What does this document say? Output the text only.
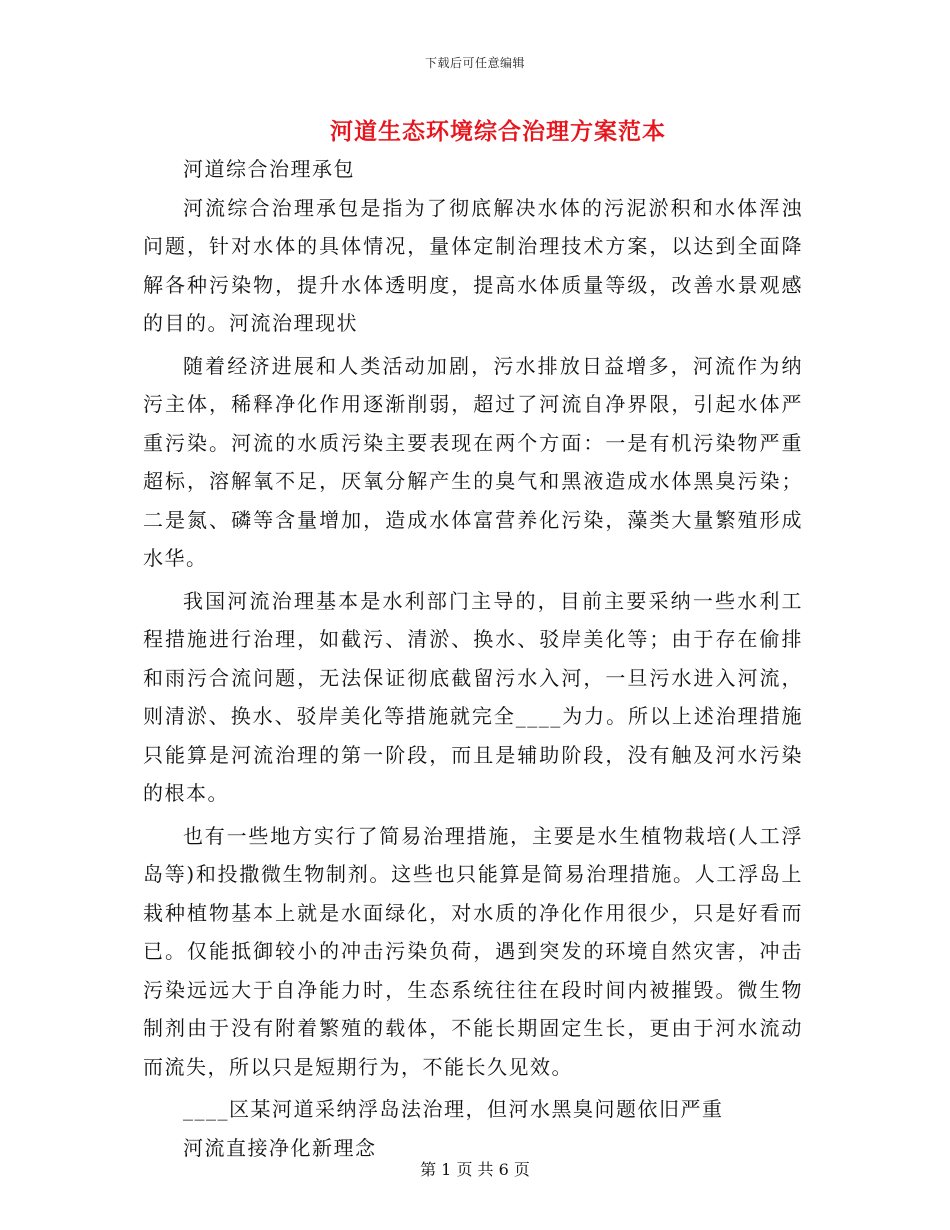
下载后可任意编辑
河道生态环境综合治理方案范本

河道综合治理承包

河流综合治理承包是指为了彻底解决水体的污泥淤积和水体浑浊问题，针对水体的具体情况，量体定制治理技术方案，以达到全面降解各种污染物，提升水体透明度，提高水体质量等级，改善水景观感的目的。河流治理现状

随着经济进展和人类活动加剧，污水排放日益增多，河流作为纳污主体，稀释净化作用逐渐削弱，超过了河流自净界限，引起水体严重污染。河流的水质污染主要表现在两个方面：一是有机污染物严重超标，溶解氧不足，厌氧分解产生的臭气和黑液造成水体黑臭污染；二是氮、磷等含量增加，造成水体富营养化污染，藻类大量繁殖形成水华。

我国河流治理基本是水利部门主导的，目前主要采纳一些水利工程措施进行治理，如截污、清淤、换水、驳岸美化等；由于存在偷排和雨污合流问题，无法保证彻底截留污水入河，一旦污水进入河流，则清淤、换水、驳岸美化等措施就完全____为力。所以上述治理措施只能算是河流治理的第一阶段，而且是辅助阶段，没有触及河水污染的根本。

也有一些地方实行了简易治理措施，主要是水生植物栽培(人工浮岛等)和投撒微生物制剂。这些也只能算是简易治理措施。人工浮岛上栽种植物基本上就是水面绿化，对水质的净化作用很少，只是好看而已。仅能抵御较小的冲击污染负荷，遇到突发的环境自然灾害，冲击污染远远大于自净能力时，生态系统往往在段时间内被摧毁。微生物制剂由于没有附着繁殖的载体，不能长期固定生长，更由于河水流动而流失，所以只是短期行为，不能长久见效。

____区某河道采纳浮岛法治理，但河水黑臭问题依旧严重

河流直接净化新理念

第 1 页 共 6 页
